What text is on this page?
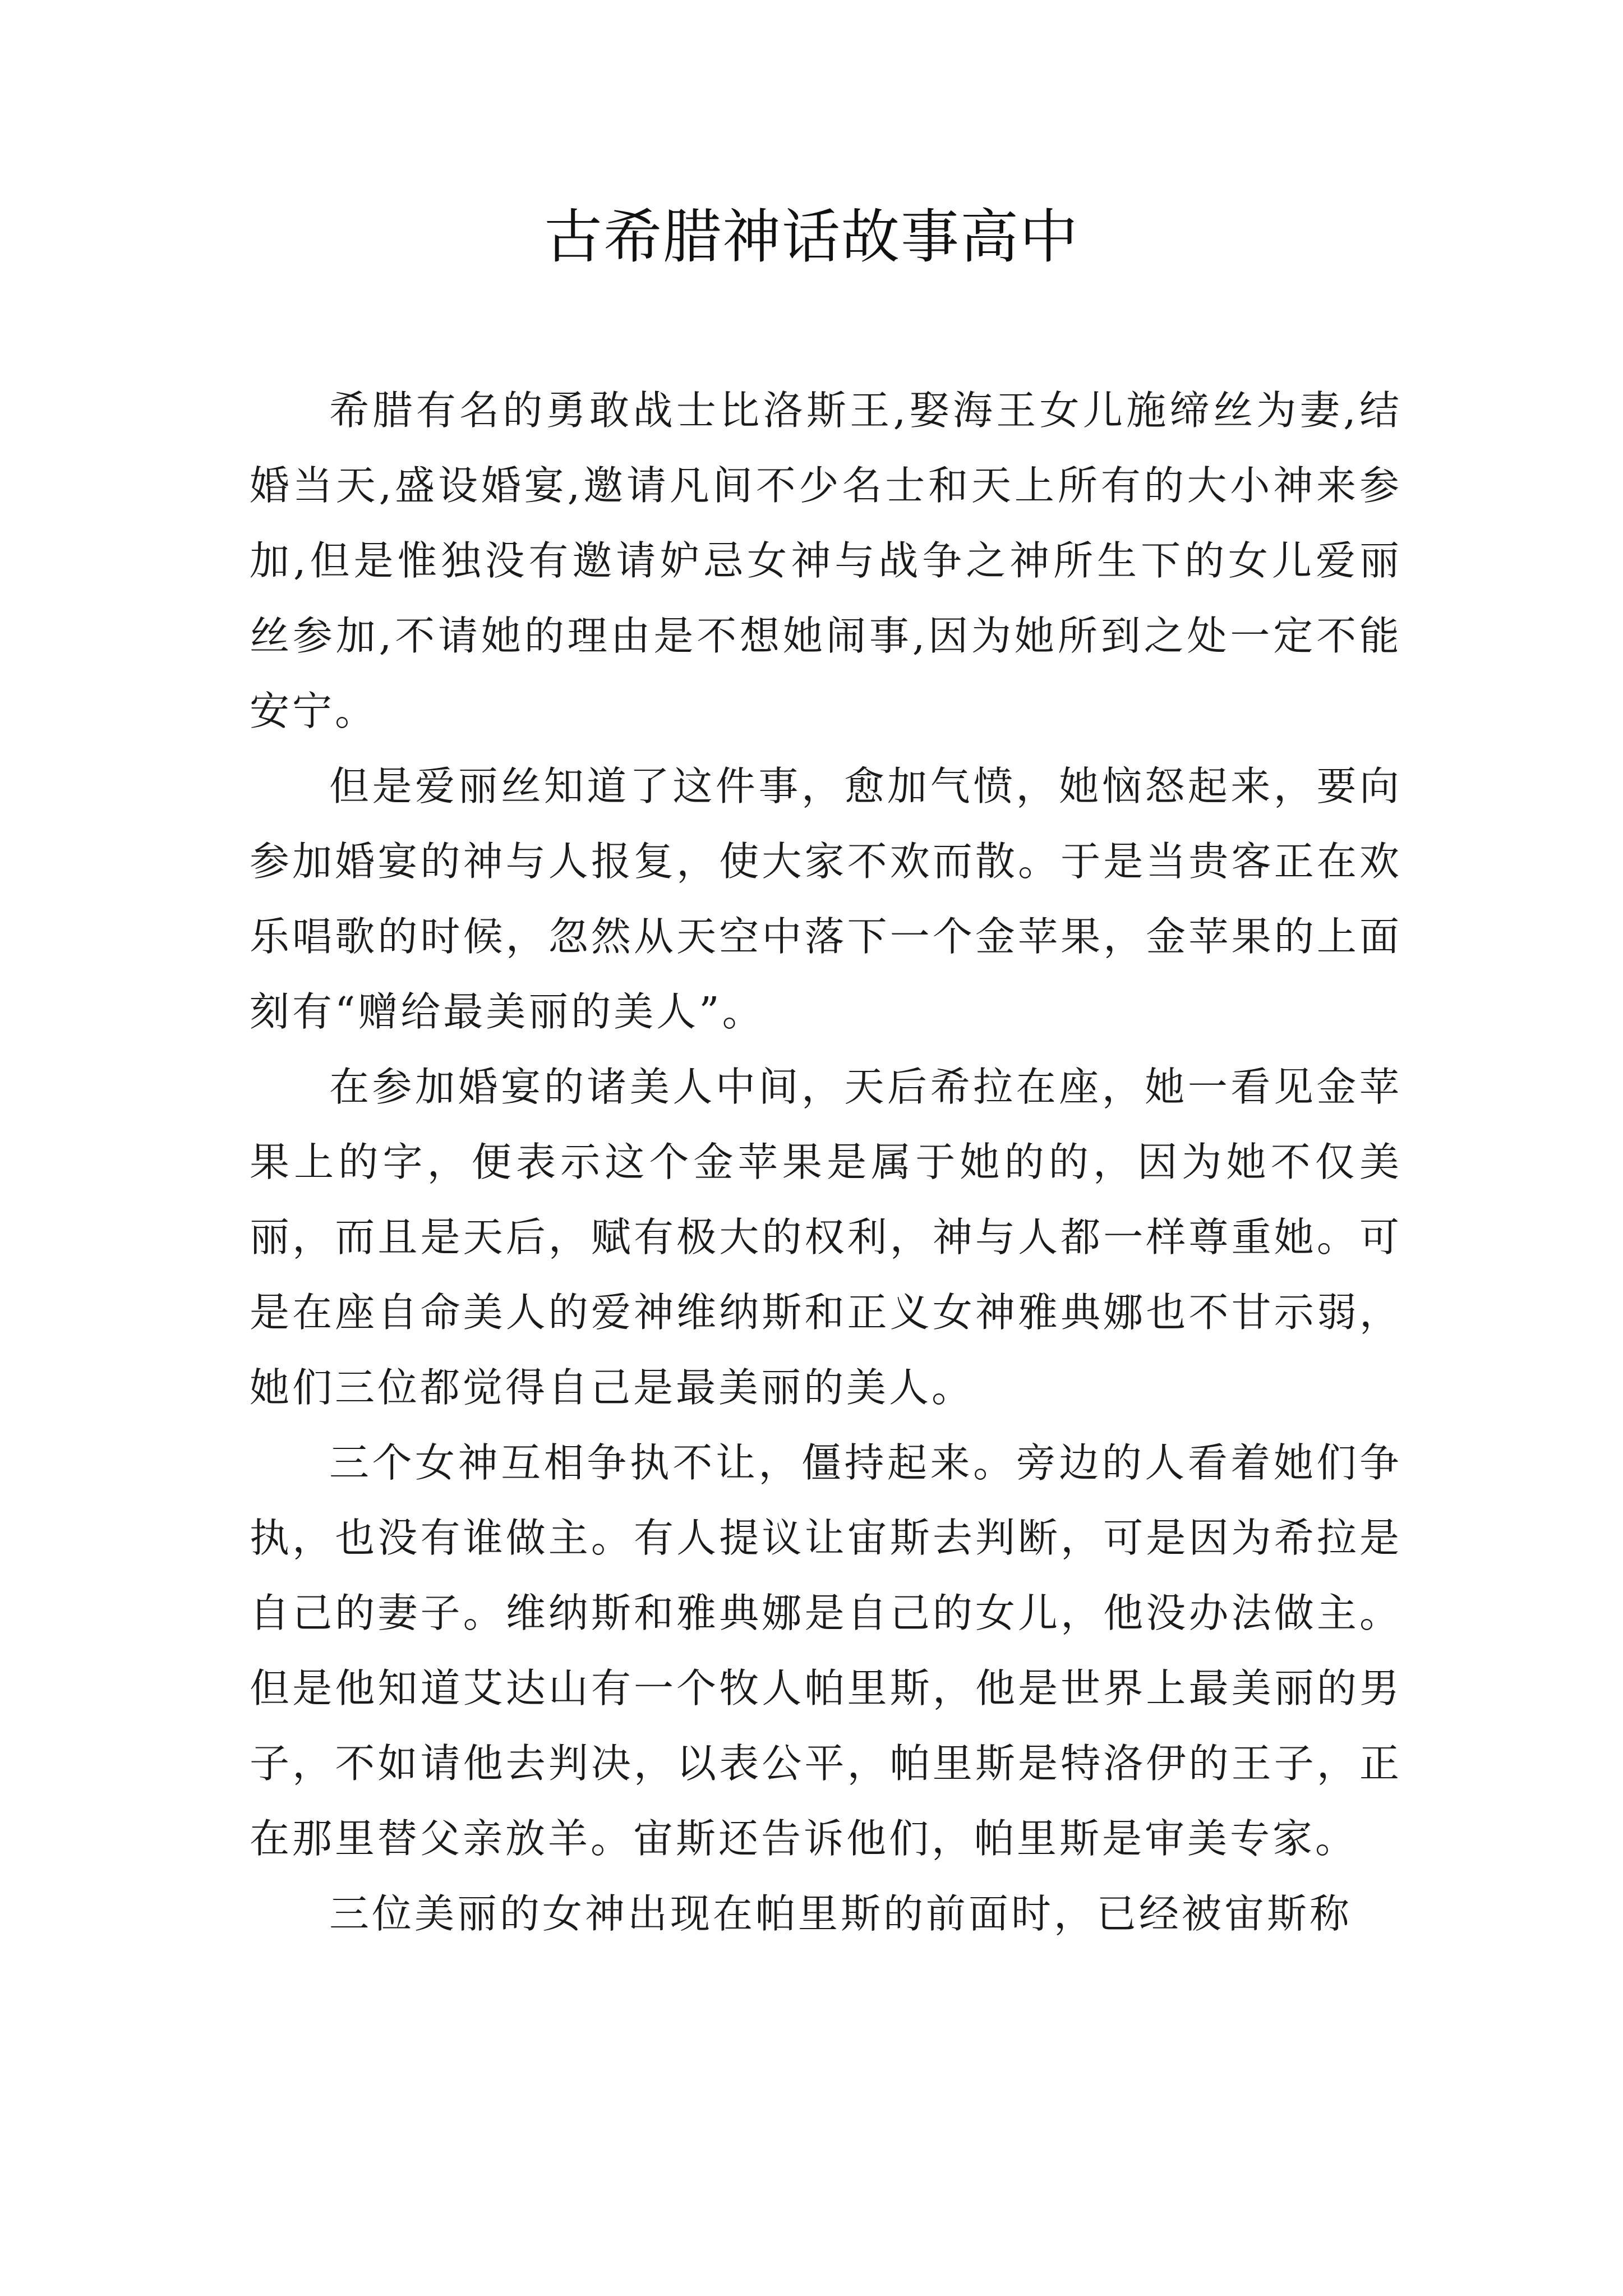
古希腊神话故事高中

希腊有名的勇敢战士比洛斯王,娶海王女儿施缔丝为妻,结婚当天,盛设婚宴,邀请凡间不少名士和天上所有的大小神来参加,但是惟独没有邀请妒忌女神与战争之神所生下的女儿爱丽丝参加,不请她的理由是不想她闹事,因为她所到之处一定不能安宁。

但是爱丽丝知道了这件事，愈加气愤，她恼怒起来，要向参加婚宴的神与人报复，使大家不欢而散。于是当贵客正在欢乐唱歌的时候，忽然从天空中落下一个金苹果，金苹果的上面刻有“赠给最美丽的美人”。

在参加婚宴的诸美人中间，天后希拉在座，她一看见金苹果上的字，便表示这个金苹果是属于她的的，因为她不仅美丽，而且是天后，赋有极大的权利，神与人都一样尊重她。可是在座自命美人的爱神维纳斯和正义女神雅典娜也不甘示弱，她们三位都觉得自己是最美丽的美人。

三个女神互相争执不让，僵持起来。旁边的人看着她们争执，也没有谁做主。有人提议让宙斯去判断，可是因为希拉是自己的妻子。维纳斯和雅典娜是自己的女儿，他没办法做主。但是他知道艾达山有一个牧人帕里斯，他是世界上最美丽的男子，不如请他去判决，以表公平，帕里斯是特洛伊的王子，正在那里替父亲放羊。宙斯还告诉他们，帕里斯是审美专家。

三位美丽的女神出现在帕里斯的前面时，已经被宙斯称
